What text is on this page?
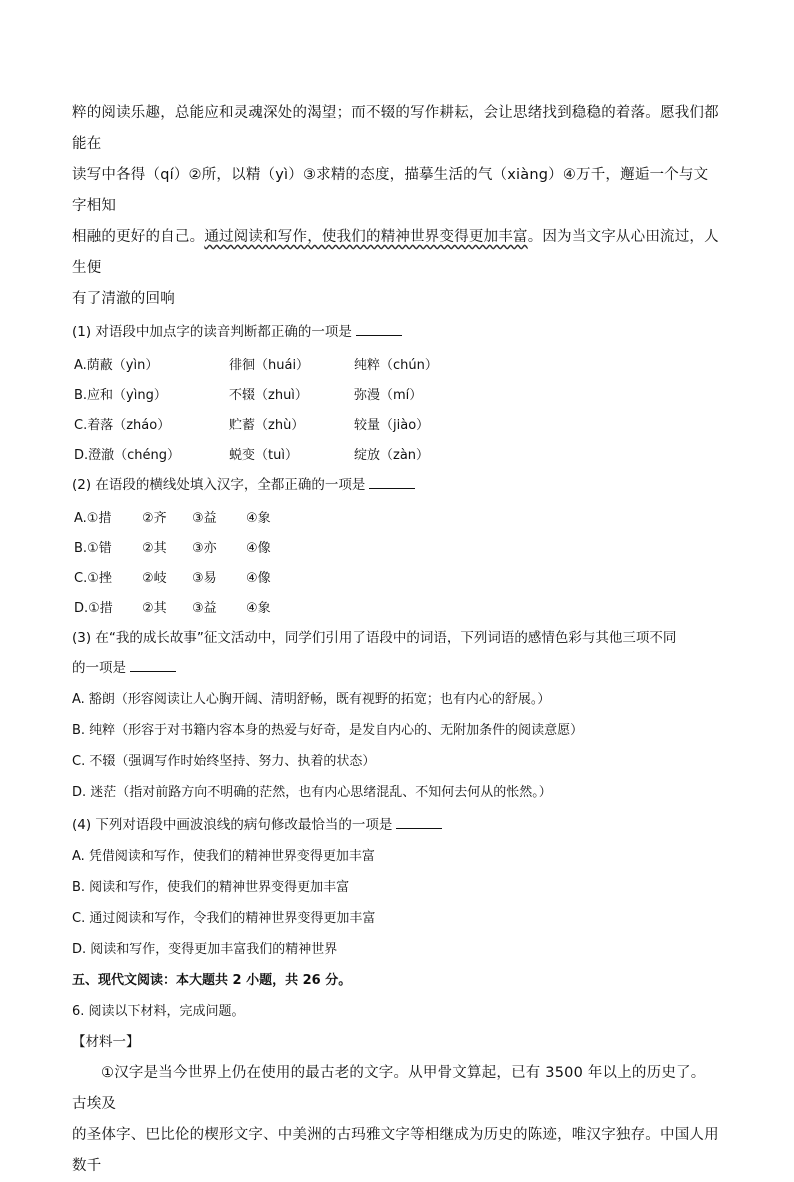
粹的阅读乐趣，总能应和灵魂深处的渴望；而不辍的写作耕耘，会让思绪找到稳稳的着落。愿我们都能在

读写中各得（qí）②所，以精（yì）③求精的态度，描摹生活的气（xiàng）④万千，邂逅一个与文字相知

相融的更好的自己。通过阅读和写作，使我们的精神世界变得更加丰富。因为当文字从心田流过，人生便

有了清澈的回响

(1) 对语段中加点字的读音判断都正确的一项是

A.荫蔽（yìn）	徘徊（huái）	纯粹（chún）
B.应和（yìng）	不辍（zhuì）	弥漫（mí）
C.着落（zháo）	贮蓄（zhù）	较量（jiào）
D.澄澈（chéng）	蜕变（tuì）	绽放（zàn）

(2) 在语段的横线处填入汉字，全都正确的一项是

A.①措	②齐	③益	④象
B.①错	②其	③亦	④像
C.①挫	②岐	③易	④像
D.①措	②其	③益	④象

(3) 在“我的成长故事”征文活动中，同学们引用了语段中的词语，下列词语的感情色彩与其他三项不同

的一项是

A. 豁朗（形容阅读让人心胸开阔、清明舒畅，既有视野的拓宽；也有内心的舒展。）

B. 纯粹（形容于对书籍内容本身的热爱与好奇，是发自内心的、无附加条件的阅读意愿）

C. 不辍（强调写作时始终坚持、努力、执着的状态）

D. 迷茫（指对前路方向不明确的茫然，也有内心思绪混乱、不知何去何从的怅然。）

(4) 下列对语段中画波浪线的病句修改最恰当的一项是

A. 凭借阅读和写作，使我们的精神世界变得更加丰富

B. 阅读和写作，使我们的精神世界变得更加丰富

C. 通过阅读和写作，令我们的精神世界变得更加丰富

D. 阅读和写作，变得更加丰富我们的精神世界

五、现代文阅读：本大题共 2 小题，共 26 分。

6. 阅读以下材料，完成问题。

【材料一】

①汉字是当今世界上仍在使用的最古老的文字。从甲骨文算起，已有 3500 年以上的历史了。古埃及

的圣体字、巴比伦的楔形文字、中美洲的古玛雅文字等相继成为历史的陈迹，唯汉字独存。中国人用数千
